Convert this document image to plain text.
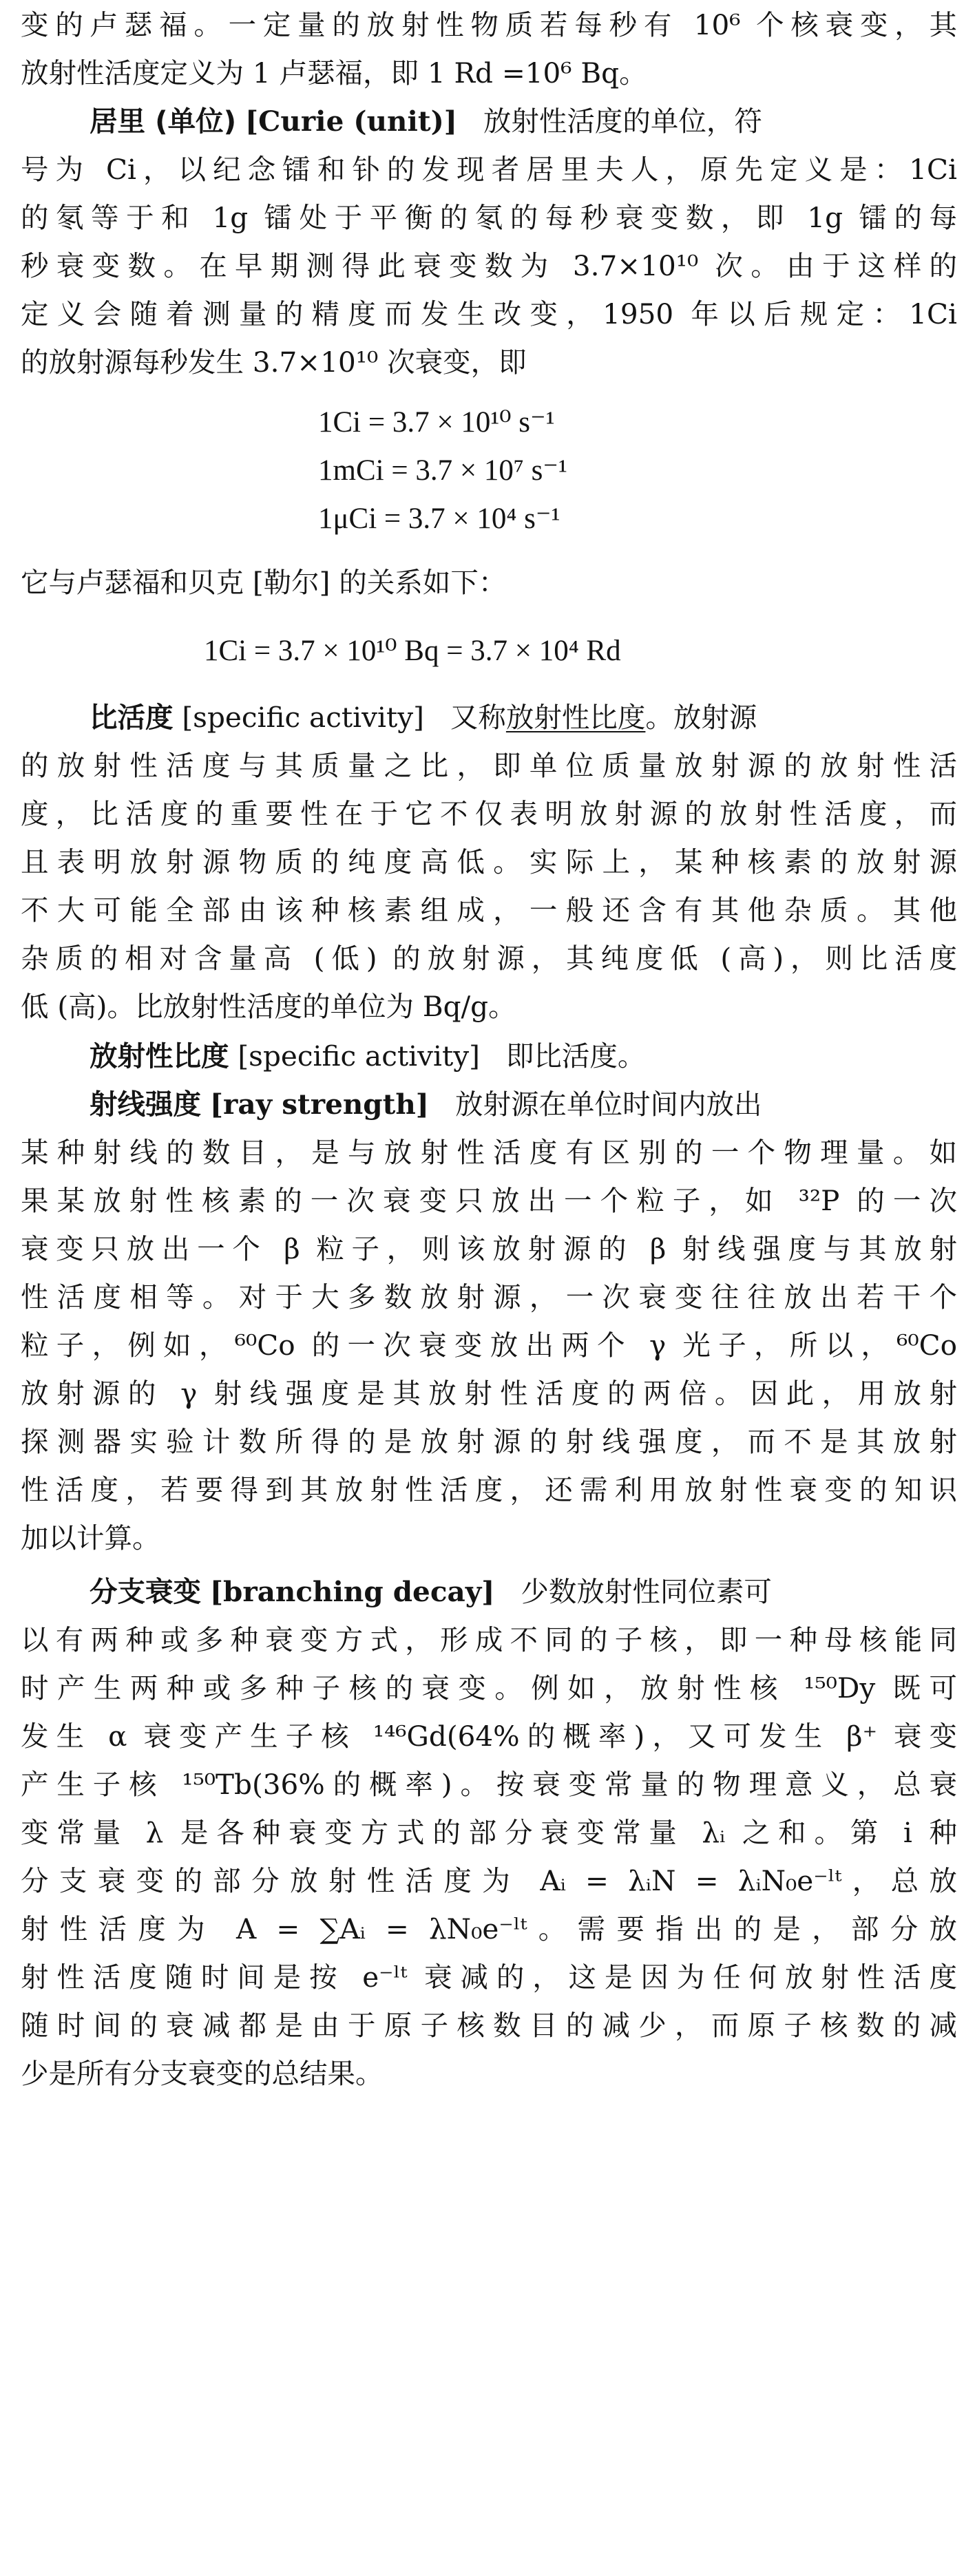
变的卢瑟福。一定量的放射性物质若每秒有 10⁶ 个核衰变，其
放射性活度定义为 1 卢瑟福，即 1 Rd =10⁶ Bq。
居里 (单位) [Curie (unit)] 放射性活度的单位，符
号为 Ci，以纪念镭和钋的发现者居里夫人，原先定义是：1Ci
的氡等于和 1g 镭处于平衡的氡的每秒衰变数，即 1g 镭的每
秒衰变数。在早期测得此衰变数为 3.7×10¹⁰ 次。由于这样的
定义会随着测量的精度而发生改变，1950 年以后规定：1Ci
的放射源每秒发生 3.7×10¹⁰ 次衰变，即
1Ci = 3.7 × 10¹⁰ s⁻¹
1mCi = 3.7 × 10⁷ s⁻¹
1μCi = 3.7 × 10⁴ s⁻¹
它与卢瑟福和贝克 [勒尔] 的关系如下：
1Ci = 3.7 × 10¹⁰ Bq = 3.7 × 10⁴ Rd
比活度 [specific activity] 又称放射性比度。放射源
的放射性活度与其质量之比，即单位质量放射源的放射性活
度，比活度的重要性在于它不仅表明放射源的放射性活度，而
且表明放射源物质的纯度高低。实际上，某种核素的放射源
不大可能全部由该种核素组成，一般还含有其他杂质。其他
杂质的相对含量高 (低) 的放射源，其纯度低 (高)，则比活度
低 (高)。比放射性活度的单位为 Bq/g。
放射性比度 [specific activity] 即比活度。
射线强度 [ray strength] 放射源在单位时间内放出
某种射线的数目，是与放射性活度有区别的一个物理量。如
果某放射性核素的一次衰变只放出一个粒子，如 ³²P 的一次
衰变只放出一个 β 粒子，则该放射源的 β 射线强度与其放射
性活度相等。对于大多数放射源，一次衰变往往放出若干个
粒子，例如，⁶⁰Co 的一次衰变放出两个 γ 光子，所以，⁶⁰Co
放射源的 γ 射线强度是其放射性活度的两倍。因此，用放射
探测器实验计数所得的是放射源的射线强度，而不是其放射
性活度，若要得到其放射性活度，还需利用放射性衰变的知识
加以计算。
分支衰变 [branching decay] 少数放射性同位素可
以有两种或多种衰变方式，形成不同的子核，即一种母核能同
时产生两种或多种子核的衰变。例如，放射性核 ¹⁵⁰Dy 既可
发生 α 衰变产生子核 ¹⁴⁶Gd(64%的概率)，又可发生 β⁺ 衰变
产生子核 ¹⁵⁰Tb(36%的概率)。按衰变常量的物理意义，总衰
变常量 λ 是各种衰变方式的部分衰变常量 λᵢ 之和。第 i 种
分支衰变的部分放射性活度为 Aᵢ = λᵢN = λᵢN₀e⁻ˡᵗ，总放
射性活度为 A = ∑Aᵢ = λN₀e⁻ˡᵗ。需要指出的是，部分放
射性活度随时间是按 e⁻ˡᵗ 衰减的，这是因为任何放射性活度
随时间的衰减都是由于原子核数目的减少，而原子核数的减
少是所有分支衰变的总结果。
